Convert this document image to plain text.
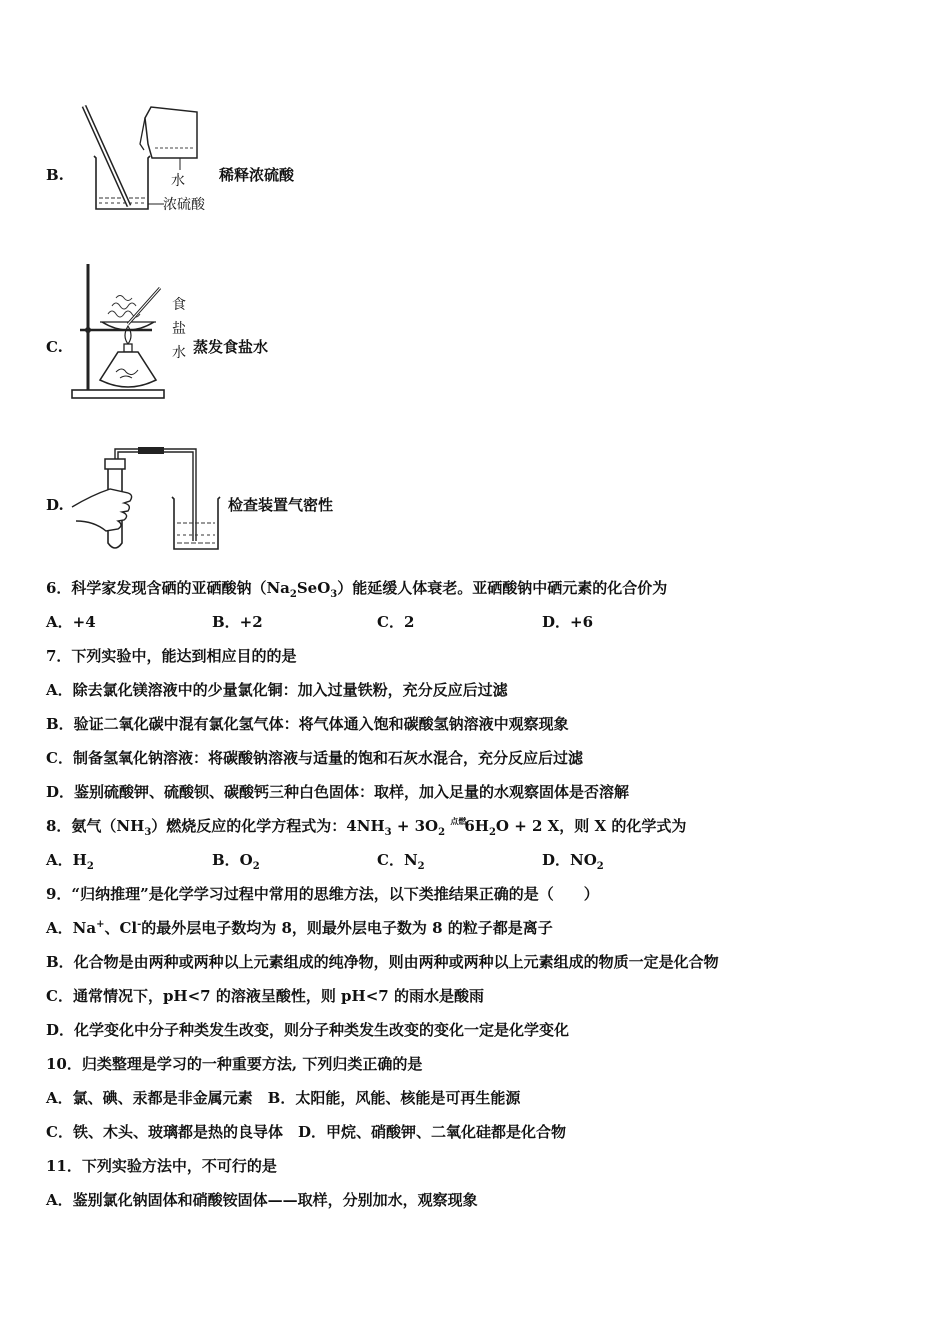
B.	水
浓硫酸
稀释浓硫酸
C.
食
盐
水 蒸发食盐水
D.	检查装置气密性
6．科学家发现含硒的亚硒酸钠$(Na_2SeO_3)$能延缓人体衰老。亚硒酸钠中硒元素的化合价为
A．+4	B．+2	C．2	D．+6
7．下列实验中，能达到相应目的的是
A．除去氯化镁溶液中的少量氯化铜：加入过量铁粉，充分反应后过滤
B．验证二氧化碳中混有氯化氢气体：将气体通入饱和碳酸氢钠溶液中观察现象
C．制备氢氧化钠溶液：将碳酸钠溶液与适量的饱和石灰水混合，充分反应后过滤
D．鉴别硫酸钾、硫酸钡、碳酸钙三种白色固体：取样，加入足量的水观察固体是否溶解
8．氨气$(NH_3)$燃烧反应的化学方程式为：$4NH_3 + 3O_2$ $^{点燃}6H_2O + 2$ X，则 X 的化学式为
A．$H_2$	B．$O_2$	C．$N_2$	D．$NO_2$
9．“归纳推理”是化学学习过程中常用的思维方法，以下类推结果正确的是（　　）
A．Na+、Cl-的最外层电子数均为 8，则最外层电子数为 8 的粒子都是离子
B．化合物是由两种或两种以上元素组成的纯净物，则由两种或两种以上元素组成的物质一定是化合物
C．通常情况下，pH<7 的溶液呈酸性，则 pH<7 的雨水是酸雨
D．化学变化中分子种类发生改变，则分子种类发生改变的变化一定是化学变化
10．归类整理是学习的一种重要方法, 下列归类正确的是
A．氯、碘、汞都是非金属元素　B．太阳能，风能、核能是可再生能源
C．铁、木头、玻璃都是热的良导体　D．甲烷、硝酸钾、二氧化硅都是化合物
11．下列实验方法中，不可行的是
A．鉴别氯化钠固体和硝酸铵固体——取样，分别加水，观察现象
